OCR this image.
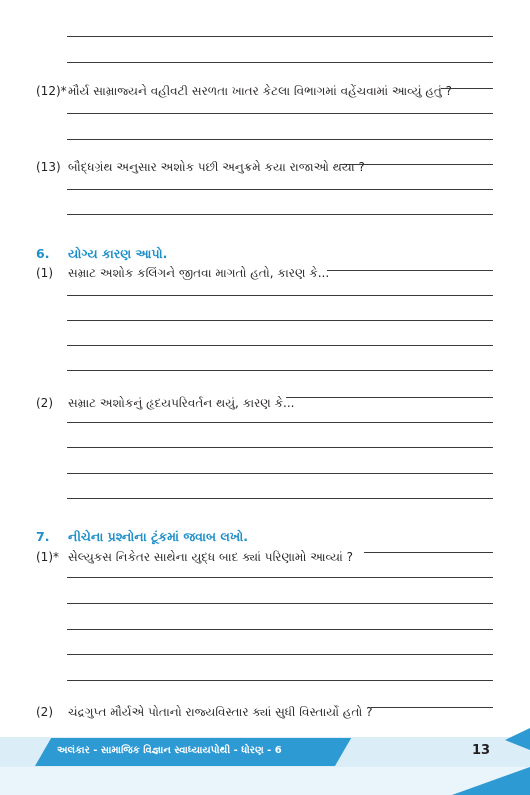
(12)* મૌર્ય સામ્રાજ્યને વહીવટી સરળતા ખાતર કેટલા વિભાગમાં વહેંચવામાં આવ્યું હતું ?
(13) બૌદ્ધગ્રંથ અનુસાર અશોક પછી અનુક્રમે કયા રાજાઓ થયા ?
6. યોગ્ય કારણ આપો.
(1) સમ્રાટ અશોક કલિંગને જીતવા માગતો હતો, કારણ કે...
(2) સમ્રાટ અશોકનું હૃદયપરિવર્તન થયું, કારણ કે...
7. નીચેના પ્રશ્નોના ટૂંકમાં જવાબ લખો.
(1)* સેલ્યુકસ નિકેતર સાથેના યુદ્ધ બાદ ક્યાં પરિણામો આવ્યાં ?
(2) ચંદ્રગુપ્ત મૌર્યએ પોતાનો રાજ્યવિસ્તાર ક્યાં સુધી વિસ્તાર્યો હતો ?
અલંકાર - સામાજિક વિજ્ઞાન સ્વાધ્યાયપોથી - ધોરણ - 6	13
